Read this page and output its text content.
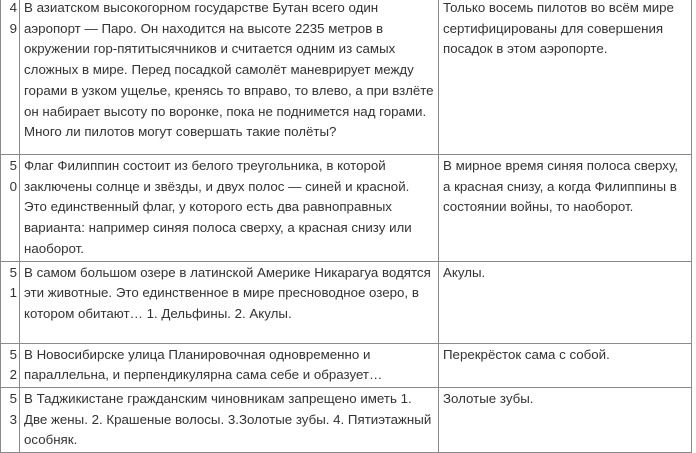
49	В азиатском высокогорном государстве Бутан всего один аэропорт — Паро. Он находится на высоте 2235 метров в окружении гор-пятитысячников и считается одним из самых сложных в мире. Перед посадкой самолёт маневрирует между горами в узком ущелье, кренясь то вправо, то влево, а при взлёте он набирает высоту по воронке, пока не поднимется над горами. Много ли пилотов могут совершать такие полёты?	Только восемь пилотов во всём мире сертифицированы для совершения посадок в этом аэропорте.
50	Флаг Филиппин состоит из белого треугольника, в которой заключены солнце и звёзды, и двух полос — синей и красной. Это единственный флаг, у которого есть два равноправных варианта: например синяя полоса сверху, а красная снизу или наоборот.	В мирное время синяя полоса сверху, а красная снизу, а когда Филиппины в состоянии войны, то наоборот.
51	В самом большом озере в латинской Америке Никарагуа водятся эти животные. Это единственное в мире пресноводное озеро, в котором обитают… 1. Дельфины. 2. Акулы.	Акулы.
52	В Новосибирске улица Планировочная одновременно и параллельна, и перпендикулярна сама себе и образует…	Перекрёсток сама с собой.
53	В Таджикистане гражданским чиновникам запрещено иметь 1. Две жены. 2. Крашеные волосы. 3.Золотые зубы. 4. Пятиэтажный особняк.	Золотые зубы.
